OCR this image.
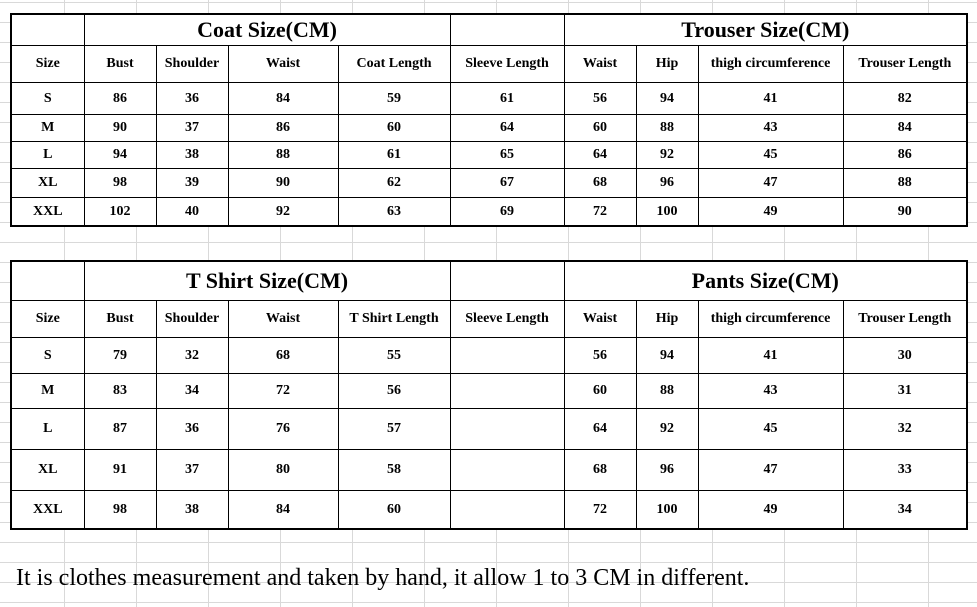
	Coat Size(CM)					Trouser Size(CM)			
Size	Bust	Shoulder	Waist	Coat Length	Sleeve Length	Waist	Hip	thigh circumference	Trouser Length
S	86	36	84	59	61	56	94	41	82
M	90	37	86	60	64	60	88	43	84
L	94	38	88	61	65	64	92	45	86
XL	98	39	90	62	67	68	96	47	88
XXL	102	40	92	63	69	72	100	49	90
	T Shirt Size(CM)					Pants Size(CM)			
Size	Bust	Shoulder	Waist	T Shirt Length	Sleeve Length	Waist	Hip	thigh circumference	Trouser Length
S	79	32	68	55		56	94	41	30
M	83	34	72	56		60	88	43	31
L	87	36	76	57		64	92	45	32
XL	91	37	80	58		68	96	47	33
XXL	98	38	84	60		72	100	49	34
It is clothes measurement and taken by hand, it allow 1 to 3 CM in different.
